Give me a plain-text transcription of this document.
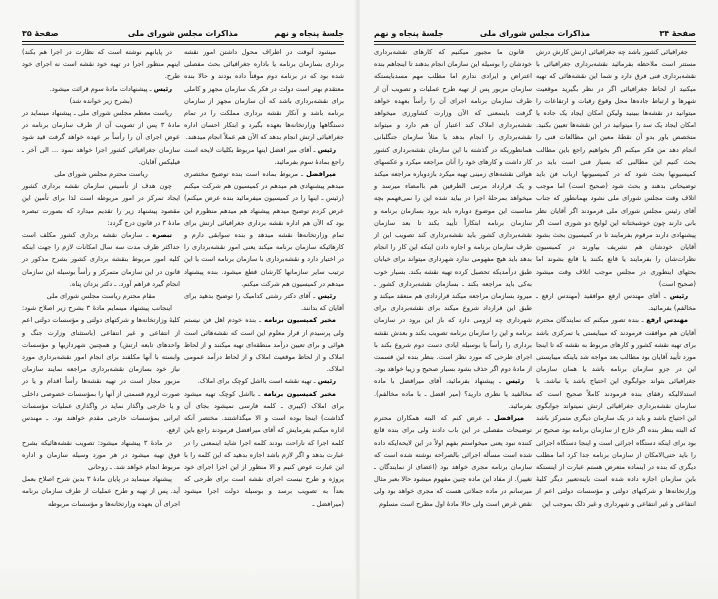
جلسهٔ پنجاه و نهم
مذاکرات مجلس شورای ملی
صفحهٔ ۳۵

میشود آنوقت در اطراف محول داشتن امور نقشه برداری بسازمان برنامه یا باداره جغرافیائی بحث مفصلی شده بود که در برنامه دوم موقتاً داده بودند و حالا بنده معتقدم بهتر است دولت در فکر یک سازمان مجهز و کاملی برای نقشه‌برداری باشد که آن سازمان مجهز از سازمان برنامه باشد و آنکار نقشه برداری مملکت را در تمام دستگاهها وزارتخانه‌ها بعهده بگیرد و ابتکار احسان اداره جغرافیائی ارتش انجام بدهد که الآن هم عملاً انجام میدهند.

رئیس ـ آقای میر افضل اینها مربوط بکلیات لایحه است راجع بمادهٔ سوم بفرمائید.

میرافضل ـ مربوط بماده است بنده توضیح مختصری میدهم پیشنهادی هم میدهم در کمیسیون هم شرکت میکنم (رئیس ـ اینها را در کمیسیون میفرمائید بنده عرض میکنم) عرض کردم توضیح میدهم پیشنهاد هم میدهم منظورم این بود که الآن هم اداره نقشه برداری جغرافیائی ارتش برای تمام وزارتخانه‌ها نقشه میدهد و بنده سوابقی دارم و کارهائیکه سازمان برنامه میکند یعنی امور نقشه‌برداری را در اختیار دارد و نقشه‌برداری با سازمان برنامه است با این ترتیب سایر سازمانها کارشان قطع میشود. بنده پیشنهاد میدهم در کمیسیون هم شرکت میکنم.

رئیس ـ آقای دکتر رشتی کدامیک را توضیح بدهید برای آقایان که بدانند.

مخبر کمیسیون برنامه ـ بنده خودم اهل فن نیستم ولی پرسیدم از قرار معلوم این است که نقشه‌هائی است هوائی و برای تعیین درآمد منطقه‌ای تهیه میکنند و از لحاظ املاک و از لحاظ موقعیت املاک و از لحاظ درآمد عمومی املاک.

رئیس ـ تهیه نقشه است بااشل کوچک برای املاک.

مخبر کمیسیون برنامه ـ بااشل کوچک تهیه میشود برای املاک (کیبری ـ کلمه فارسی نمیشود بجای آن گذاشت) اینجا بوده است و الا میگذاشتند. مختصر آنکه اداره میکنم بفرمایش که آقای میرافضل فرمودند راجع باین کلمه اجرا که ناراحت بودند کلمه اجرا شاید اینمعنی را در عبارت بدهد و اگر لازم باشد اجازه بدهید که این کلمه را با این عبارت عوض کنیم و الا منظور از این اجرا اجرای خود پروژه و طرح نیست اجرای نقشه است برای طرحی که بعداً به تصویب برسد و بوسیله دولت اجرا میشود (میرافضل ـ

در پایانهم نوشته است که نظارت در اجرا هم بکند) اینهم منظور اجرا در تهیه خود نقشه است نه اجرای خود طرح.

رئیس ـ پیشنهادات مادهٔ سوم قرائت میشود.

(بشرح زیر خوانده شد)

ریاست معظم مجلس شورای ملی ـ پیشنهاد مینماید در مادهٔ ۳ پس از تصویب آن از طرف سازمان برنامه در عوض اجرای آن را رأساً بر عهده خواهد گرفت قید شود سازمان جغرافیائی کشور اجرا خواهد نمود ... الی آخر ـ فیلیکس آقایان.

ریاست محترم مجلس شورای ملی

چون هدف از تأسیس سازمان نقشه برداری کشور ایجاد تمرکز در امور مربوطه است لذا برای تأمین این مقصود پیشنهاد زیر را تقدیم میدارد که بصورت تبصره مادهٔ ۳ در قانون درج گردد:

تبصره ـ سازمان نقشه برداری کشور مکلف است حداکثر ظرف مدت سه سال امکانات لازم را جهت اینکه کلیه امور مربوط بنقشه برداری کشور بشرح مذکور در قانون در این سازمان متمرکز و رأساً بوسیله این سازمان انجام گیرد فراهم آورد. ـ دکتر یزدان پناه.

مقام محترم ریاست مجلس شورای ملی

اینجانب پیشنهاد مینمایم مادهٔ ۳ بشرح زیر اصلاح شود: کلیهٔ وزارتخانه‌ها و شرکتهای دولتی و مؤسسات دولتی اعم از انتفاعی و غیر انتفاعی (باستثنای وزارت جنگ و واحدهای تابعه ارتش) و همچنین شهرداریها و مؤسسات وابسته با آنها مکلفند برای انجام امور نقشه‌برداری مورد نیاز خود بسازمان نقشه‌برداری مراجعه نمایند سازمان مزبور مجاز است در تهیه نقشه‌ها رأساً اقدام و یا در صورت لزوم قسمتی از آنها را بمؤسسات خصوصی داخلی و یا خارجی واگذار نماید در واگذاری عملیات مؤسسات ایرانی بمؤسسات خارجی مقدم خواهند بود. ـ مهندس ارفع.

در مادهٔ ۳ پیشنهاد میشود: تصویب نقشه‌هائیکه بشرح فوق تهیه میشود در هر مورد وسیله سازمان و اداره مربوط انجام خواهد شد. ـ روحانی

پیشنهاد مینماید در پایان مادهٔ ۳ بدین شرح اصلاح بعمل آید. پس از تهیه و طرح عملیات از طرف سازمان برنامه اجرای آن بعهده وزارتخانه‌ها و مؤسسات مربوطه

صفحهٔ ۳۴
مذاکرات مجلس شورای ملی
جلسهٔ پنجاه و نهم

جغرافیائی کشور باشد چه جغرافیائی ارتش کارش درش مستتر است ملاحظه بفرمائید نقشه‌برداری جغرافیائی با نقشه‌برداری فنی فرق دارد و شما این نقشه‌هائی که تهیه میکنید از لحاظ جغرافیائی اگر در نظر بگیرید موقعیت شهرها و ارتباط جاده‌ها محل وقوع رقبات و ارتفاعات را میتوانید در نقشه‌ها ببینید ولیکن امکان ایجاد یک جاده یا امکان ایجاد یک سد را میتوانید در این نقشه‌ها تعیین بکنید. متخصص باور بدو آن نقطهٔ معین این مطالعات فنی را انجام دهد من فکر میکنم اگر بخواهیم راجع باین مطالب بحث کنیم این مطالبی که بسیار فنی است باید در کمیسیونها بحث شود که در کمیسیونها ارباب فن باید توضیحاتی بدهند و بحث شود (صحیح است) اما موجب اتلاف وقت مجلس شورای ملی نشود بهمانطور که جناب آقای رئیس مجلس شورای ملی فرمودند اگر آقایان نظر بانی دارند چون خوشبختانه این لوایح دو شوری است اگر پیشنهادی دارند مرقوم بفرمایند تا در کمیسیون بحث بشود آقایان خودشان هم تشریف بیاورند در کمیسیون نظرات‌شان را بفرمایند یا قانع بکنند یا قانع بشوند اما بحثهای اینطوری در مجلس موجب اتلاف وقت میشود (صحیح است)

رئیس ـ آقای مهندس ارفع موافقید (مهندس ارفع ـ مخالفم) بفرمائید.

مهندس ارفع ـ بنده تصور میکنم که نمایندگان محترم آقایان هم موافقت فرمودند که میبایستی یا تمرکزی باشد برای تهیه نقشه کشور و کارهای مربوط به نقشه که تا اینجا مورد تأیید آقایان بود مطالب بعد مواجه شد باینکه میبایستی این در جزو سازمان برنامه باشد یا همان سازمان جغرافیائی بتواند جوابگوی این احتیاج باشد یا نباشد. با استدلالیکه رفقای بنده فرمودند کاملاً صحیح است که سازمان نقشه‌برداری جغرافیائی ارتش نمیتواند جوابگوی این احتیاج باشد و باید در یک سازمان دیگری متمرکز باشد که البته بنظر بنده اگر خارج از سازمان برنامه بود صحیح تر بود برای اینکه دستگاه اجرائی است و اینجا دستگاه اجرائی را باید حتی‌الامکان از سازمان برنامه جدا کرد اما مطلب دیگری که بنده در اینماده متعرض هستم عبارت از اینستکه باین سازمان اجازه داده شده است باینه‌تعبیر دیگر کلیهٔ وزارتخانه‌ها و شرکتهای دولتی و مؤسسات دولتی اعم از انتفاعی و غیر انتفاعی و شهرداری و غیر ذلک بموجب این

قانون ما مجبور میکنیم که کارهای نقشه‌برداری خودشان را بوسیله این سازمان انجام بدهند تا اینجاهم بنده اعتراض و ایرادی ندارم اما مطلب مهم مسدبایستکه سازمان مزبور پس از تهیه طرح عملیات و تصویب آن از طرف سازمان برنامه اجرای آن را رأساً بعهده خواهد گرفت باینمعنی که الآن وزارت کشاورزی میخواهد نقشه‌برداری املاک کند اعتبار آن هم دارد و میتواند نقشه‌برداری را انجام بدهد یا مثلاً سازمان جنگلبانی همانطوریکه در گذشته با این سازمان نقشه‌برداری کشور کار داشت و کارهای خود را آنان مراجعه میکرد و عکسهای هوائی نقشه‌های زمینی تهیه میکرد بازدوباره مراجعه میکند و یک قرارداد مرتبی الطرفین هم باامضاء میرسد و میخواهد بمرحلهٔ اجرا در بیاید شده این را نمی‌فهمم بچه مناسبت این موضوع دوباره باید برود بسازمان برنامه و سازمان برنامه ابتکاراً تأیید بکند تا بعد سازمان نقشه‌برداری کشور باید نقشه‌برداری کند تصویب این از طرف سازمان برنامه و اجازه دادن اینکه این کار را انجام بدهد باید هیچ مفهومی ندارد شهرداری میتواند برای خیابان طبق درآمدیکه تحصیل کرده تهیه نقشه بکند. بسیار خوب به‌کی باید مراجعه بکند ـ بسازمان نقشه‌برداری کشور ـ میرود بسازمان مراجعه میکند قراردادی هم منعقد میکند و طبق این قرارداد شروع میکند برای نقشه‌برداری برای شهرداری چه لزومی دارد که باز این برود در سازمان برنامه و این را سازمان برنامه تصویب بکند و بعدش نقشه برداری را رأساً یا بوسیله ایادی دست دوم شروع بکند با اجرای طرحی که مورد نظر است. بنظر بنده این قسمت از مادهٔ دوم اگر حذف بشود بسیار صحیح و زیبا خواهد بود.

رئیس ـ پیشنهاد بفرمائید، آقای میرافضل با ماده مخالفید یا نظری دارید؟ (میر افضل ـ با ماده مخالفم). بفرمائید.

میرافضل ـ عرض کنم که البته همکاران محترم توضیحات مفصلی در این باب دادند ولی برای بنده قانع کننده نبود یعنی میخواستم بفهم اولاً در این لایحه‌ایکه داده شده است مسأله اجرائی بالصراحه نوشته شده است که سازمان برنامه مجری خواهد بود (اعضای از نمایندگان ـ تغییر). از مفاد این ماده چنین مفهوم میشود حالا بعبر مثال میرسانم در ماده جملاتی هست که مجری خواهد بود ولی نقض غرض است ولی حالا مادهٔ اول مطرح است مسلوم
